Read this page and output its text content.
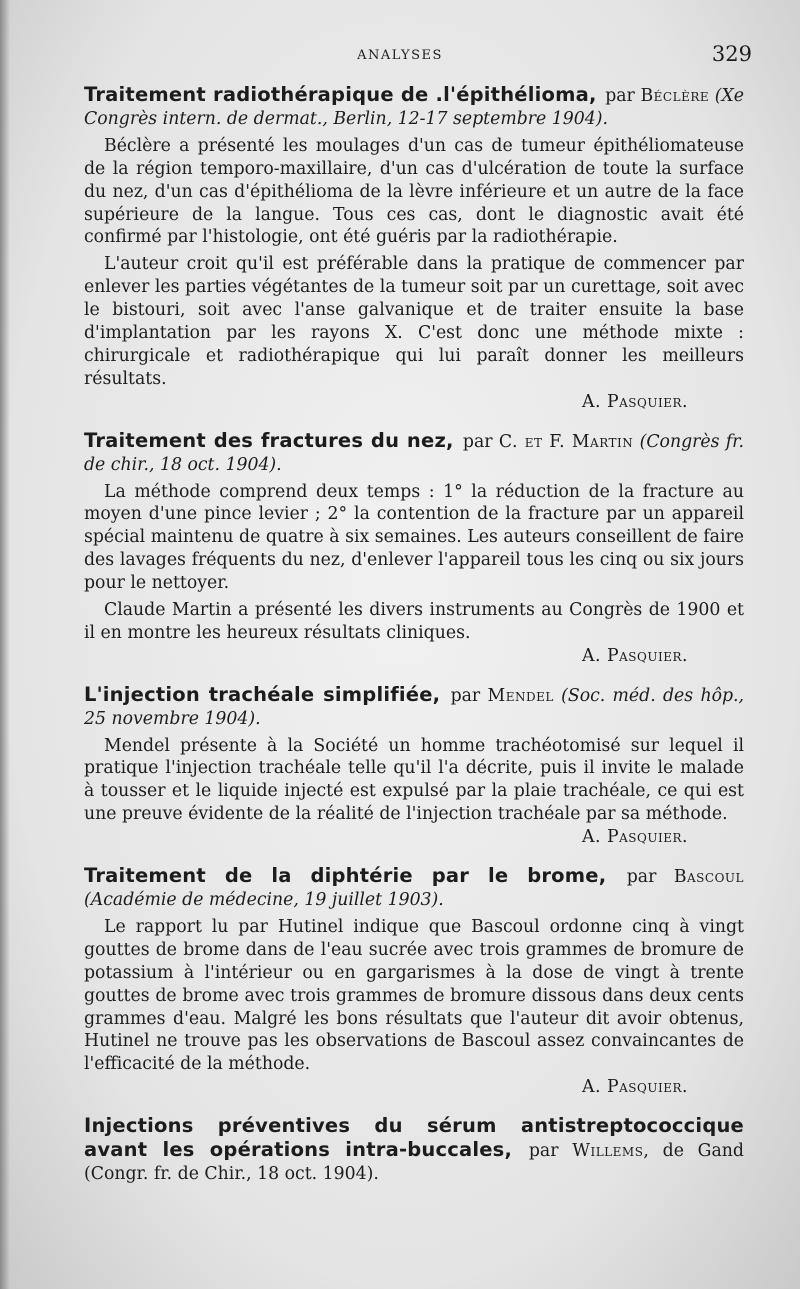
ANALYSES	329

Traitement radiothérapique de .l'épithélioma, par Béclère (Xe Congrès intern. de dermat., Berlin, 12-17 septembre 1904).

Béclère a présenté les moulages d'un cas de tumeur épithéliomateuse de la région temporo-maxillaire, d'un cas d'ulcération de toute la surface du nez, d'un cas d'épithélioma de la lèvre inférieure et un autre de la face supérieure de la langue. Tous ces cas, dont le diagnostic avait été confirmé par l'histologie, ont été guéris par la radiothérapie.

L'auteur croit qu'il est préférable dans la pratique de commencer par enlever les parties végétantes de la tumeur soit par un curettage, soit avec le bistouri, soit avec l'anse galvanique et de traiter ensuite la base d'implantation par les rayons X. C'est donc une méthode mixte : chirurgicale et radiothérapique qui lui paraît donner les meilleurs résultats.

A. Pasquier.

Traitement des fractures du nez, par C. et F. Martin (Congrès fr. de chir., 18 oct. 1904).

La méthode comprend deux temps : 1° la réduction de la fracture au moyen d'une pince levier ; 2° la contention de la fracture par un appareil spécial maintenu de quatre à six semaines. Les auteurs conseillent de faire des lavages fréquents du nez, d'enlever l'appareil tous les cinq ou six jours pour le nettoyer.

Claude Martin a présenté les divers instruments au Congrès de 1900 et il en montre les heureux résultats cliniques.

A. Pasquier.

L'injection trachéale simplifiée, par Mendel (Soc. méd. des hôp., 25 novembre 1904).

Mendel présente à la Société un homme trachéotomisé sur lequel il pratique l'injection trachéale telle qu'il l'a décrite, puis il invite le malade à tousser et le liquide injecté est expulsé par la plaie trachéale, ce qui est une preuve évidente de la réalité de l'injection trachéale par sa méthode.

A. Pasquier.

Traitement de la diphtérie par le brome, par Bascoul (Académie de médecine, 19 juillet 1903).

Le rapport lu par Hutinel indique que Bascoul ordonne cinq à vingt gouttes de brome dans de l'eau sucrée avec trois grammes de bromure de potassium à l'intérieur ou en gargarismes à la dose de vingt à trente gouttes de brome avec trois grammes de bromure dissous dans deux cents grammes d'eau. Malgré les bons résultats que l'auteur dit avoir obtenus, Hutinel ne trouve pas les observations de Bascoul assez convaincantes de l'efficacité de la méthode.

A. Pasquier.

Injections préventives du sérum antistreptococcique avant les opérations intra-buccales, par Willems, de Gand (Congr. fr. de Chir., 18 oct. 1904).
